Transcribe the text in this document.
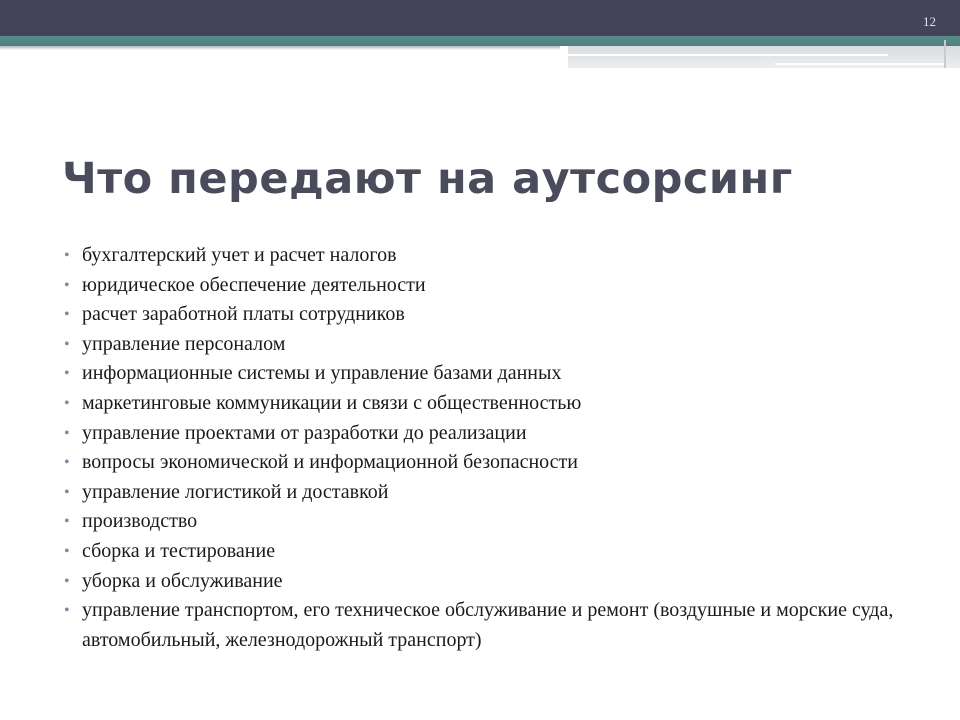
12
Что передают на аутсорсинг
• бухгалтерский учет и расчет налогов
• юридическое обеспечение деятельности
• расчет заработной платы сотрудников
• управление персоналом
• информационные системы и управление базами данных
• маркетинговые коммуникации и связи с общественностью
• управление проектами от разработки до реализации
• вопросы экономической и информационной безопасности
• управление логистикой и доставкой
• производство
• сборка и тестирование
• уборка и обслуживание
• управление транспортом, его техническое обслуживание и ремонт (воздушные и морские суда, автомобильный, железнодорожный транспорт)
